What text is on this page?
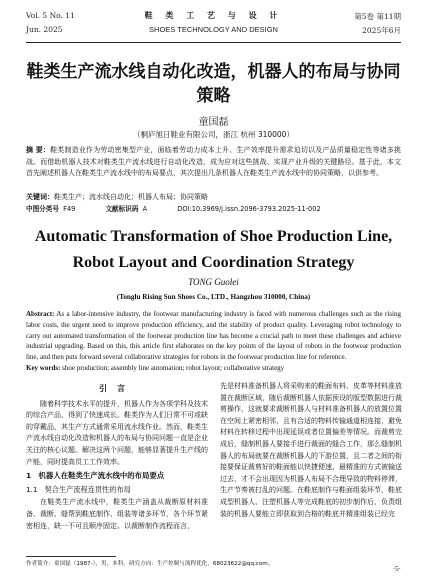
Vol. 5 No. 11
Jun. 2025
鞋 类 工 艺 与 设 计
SHOES TECHNOLOGY AND DESIGN
第5卷 第11期
2025年6月
鞋类生产流水线自动化改造，机器人的布局与协同策略
童国磊
（桐庐旭日鞋业有限公司，浙江 杭州 310000）
摘 要：鞋类制造业作为劳动密集型产业，面临着劳动力成本上升、生产效率提升需求迫切以及产品质量稳定性等诸多挑战。而借助机器人技术对鞋类生产流水线进行自动化改造，成为应对这些挑战、实现产业升级的关键路径。基于此，本文首先阐述机器人在鞋类生产流水线中的布局要点，其次提出几条机器人在鞋类生产流水线中的协同策略，以供参考。
关键词：鞋类生产；流水线自动化；机器人布局；协同策略
中图分类号 F49	文献标识码 A	DOI:10.3969/j.issn.2096-3793.2025-11-002
Automatic Transformation of Shoe Production Line, Robot Layout and Coordination Strategy
TONG Guolei
(Tonglu Rising Sun Shoes Co., LTD., Hangzhou 310000, China)
Abstract: As a labor-intensive industry, the footwear manufacturing industry is faced with numerous challenges such as the rising labor costs, the urgent need to improve production efficiency, and the stability of product quality. Leveraging robot technology to carry out automated transformation of the footwear production line has become a crucial path to meet these challenges and achieve industrial upgrading. Based on this, this article first elaborates on the key points of the layout of robots in the footwear production line, and then puts forward several collaborative strategies for robots in the footwear production line for reference.
Key words: shoe production; assembly line automation; robot layout; collaborative strategy
引言

随着科学技术水平的提升，机器人作为各项学科及技术的综合产品，得到了快速成长。鞋类作为人们日常不可或缺的穿戴品，其生产方式通常采用流水线作业。然而，鞋类生产流水线自动化改造和机器人的布局与协同问题一直是企业关注的核心议题。解决这两个问题，能够显著提升生产线的产能，同时提高员工工作效率。

1　机器人在鞋类生产流水线中的布局要点
1.1　契合生产流程连贯性的布局

在鞋类生产流水线中，鞋类生产涵盖从裁断原材料准备、裁断、缝帮到鞋底制作、组装等诸多环节，各个环节紧密相连，缺一不可且顺序固定。以裁断制作流程而言，

先是材料准备机器人将采购来的鞋面布料、皮革等材料准放置在裁断区域，随后裁断机器人依据预设的版型数据进行裁剪操作，这就要求裁断机器人与材料准备机器人的放置位置在空间上紧密相邻，且有合适的物料传输通道相连接，避免材料在转移过程中出现延误或者位置偏差等情况。而裁剪完成后，缝制机器人要接手进行裁面的缝合工作，那么缝制机器人的布局就要在裁断机器人的下游位置，且二者之间的衔接要保证裁剪好的鞋面能以快捷便速、最精准的方式被输送过去，才不会出现因为机器人布局不合理导致的物料停滞，生产节奏被打乱的问题。在鞋底制作与鞋面组装环节，鞋底成型机器人、注塑机器人等完成鞋底的初步制作后，负责组装的机器人要能立即获取到合格的鞋底并精准组装已经完

作者简介：童国磊（1987-），男，本科，研究方向：生产控制与流程优化，68023622@qq.com。
·5·
